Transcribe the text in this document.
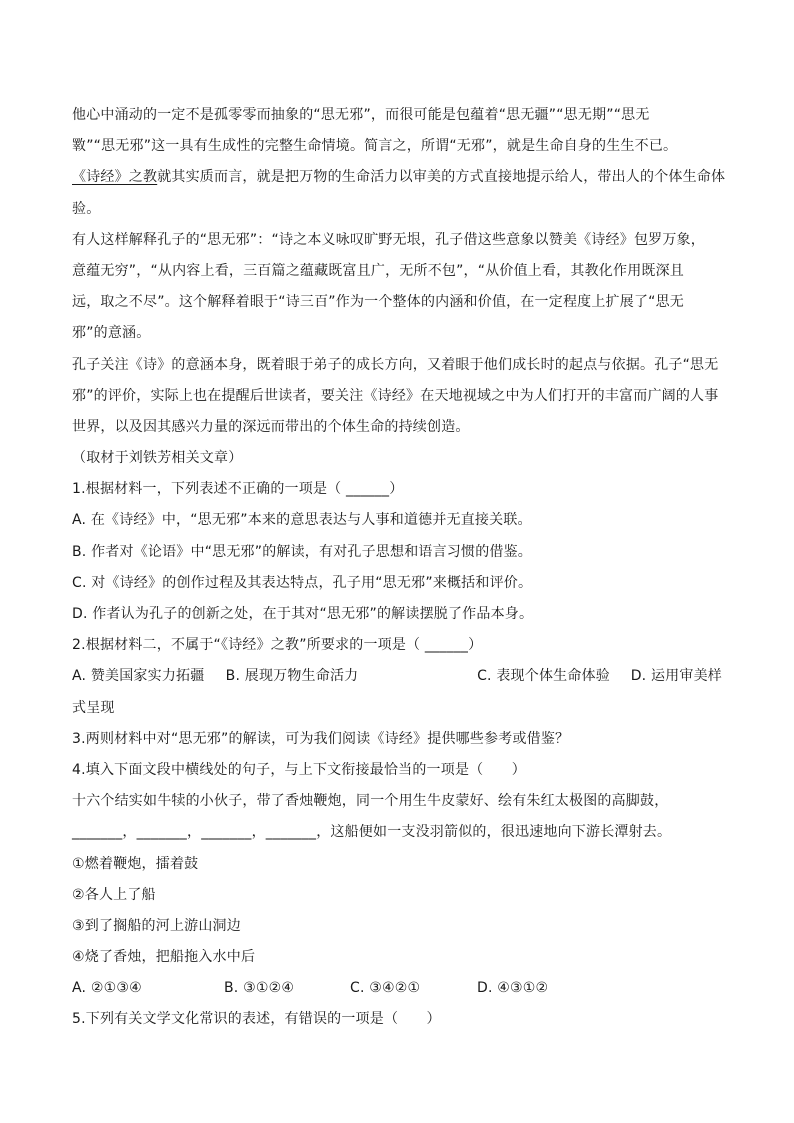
他心中涌动的一定不是孤零零而抽象的“思无邪”，而很可能是包蕴着“思无疆”“思无期”“思无
斁”“思无邪”这一具有生成性的完整生命情境。简言之，所谓“无邪”，就是生命自身的生生不已。
《诗经》之教就其实质而言，就是把万物的生命活力以审美的方式直接地提示给人，带出人的个体生命体
验。
有人这样解释孔子的“思无邪”：“诗之本义咏叹旷野无垠，孔子借这些意象以赞美《诗经》包罗万象，
意蕴无穷”，“从内容上看，三百篇之蕴藏既富且广，无所不包”，“从价值上看，其教化作用既深且
远，取之不尽”。这个解释着眼于“诗三百”作为一个整体的内涵和价值，在一定程度上扩展了“思无
邪”的意涵。
孔子关注《诗》的意涵本身，既着眼于弟子的成长方向，又着眼于他们成长时的起点与依据。孔子“思无
邪”的评价，实际上也在提醒后世读者，要关注《诗经》在天地视域之中为人们打开的丰富而广阔的人事
世界，以及因其感兴力量的深远而带出的个体生命的持续创造。
（取材于刘铁芳相关文章）
1.根据材料一，下列表述不正确的一项是（ ______）
A. 在《诗经》中，“思无邪”本来的意思表达与人事和道德并无直接关联。
B. 作者对《论语》中“思无邪”的解读，有对孔子思想和语言习惯的借鉴。
C. 对《诗经》的创作过程及其表达特点，孔子用“思无邪”来概括和评价。
D. 作者认为孔子的创新之处，在于其对“思无邪”的解读摆脱了作品本身。
2.根据材料二，不属于“《诗经》之教”所要求的一项是（ ______）
A. 赞美国家实力拓疆	B. 展现万物生命活力	C. 表现个体生命体验	D. 运用审美样
式呈现
3.两则材料中对“思无邪”的解读，可为我们阅读《诗经》提供哪些参考或借鉴？
4.填入下面文段中横线处的句子，与上下文衔接最恰当的一项是（　　）
十六个结实如牛犊的小伙子，带了香烛鞭炮，同一个用生牛皮蒙好、绘有朱红太极图的高脚鼓，
_______，_______，_______，_______，这船便如一支没羽箭似的，很迅速地向下游长潭射去。
①燃着鞭炮，擂着鼓
②各人上了船
③到了搁船的河上游山洞边
④烧了香烛，把船拖入水中后
A. ②①③④	B. ③①②④	C. ③④②①	D. ④③①②
5.下列有关文学文化常识的表述，有错误的一项是（　　）
